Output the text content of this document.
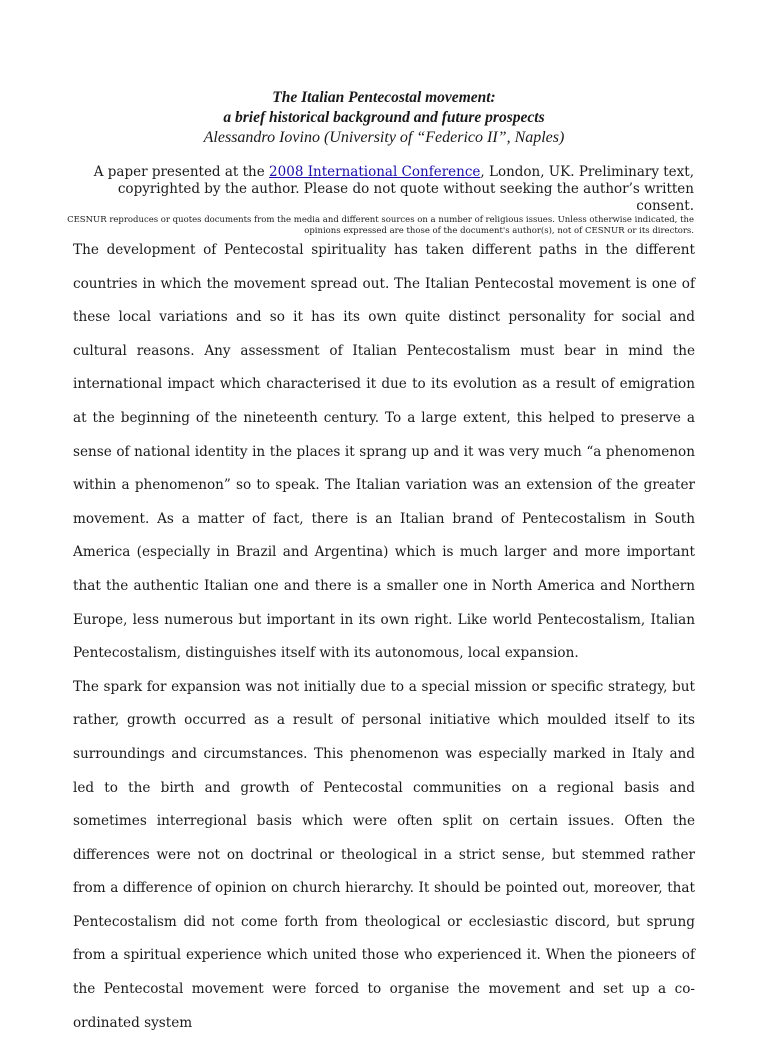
The Italian Pentecostal movement:
a brief historical background and future prospects
Alessandro Iovino (University of “Federico II”, Naples)
A paper presented at the 2008 International Conference, London, UK. Preliminary text, copyrighted by the author. Please do not quote without seeking the author’s written consent.
CESNUR reproduces or quotes documents from the media and different sources on a number of religious issues. Unless otherwise indicated, the opinions expressed are those of the document's author(s), not of CESNUR or its directors.

The development of Pentecostal spirituality has taken different paths in the different countries in which the movement spread out. The Italian Pentecostal movement is one of these local variations and so it has its own quite distinct personality for social and cultural reasons. Any assessment of Italian Pentecostalism must bear in mind the international impact which characterised it due to its evolution as a result of emigration at the beginning of the nineteenth century. To a large extent, this helped to preserve a sense of national identity in the places it sprang up and it was very much “a phenomenon within a phenomenon” so to speak. The Italian variation was an extension of the greater movement. As a matter of fact, there is an Italian brand of Pentecostalism in South America (especially in Brazil and Argentina) which is much larger and more important that the authentic Italian one and there is a smaller one in North America and Northern Europe, less numerous but important in its own right. Like world Pentecostalism, Italian Pentecostalism, distinguishes itself with its autonomous, local expansion.

The spark for expansion was not initially due to a special mission or specific strategy, but rather, growth occurred as a result of personal initiative which moulded itself to its surroundings and circumstances. This phenomenon was especially marked in Italy and led to the birth and growth of Pentecostal communities on a regional basis and sometimes interregional basis which were often split on certain issues. Often the differences were not on doctrinal or theological in a strict sense, but stemmed rather from a difference of opinion on church hierarchy. It should be pointed out, moreover, that Pentecostalism did not come forth from theological or ecclesiastic discord, but sprung from a spiritual experience which united those who experienced it. When the pioneers of the Pentecostal movement were forced to organise the movement and set up a co-ordinated system
